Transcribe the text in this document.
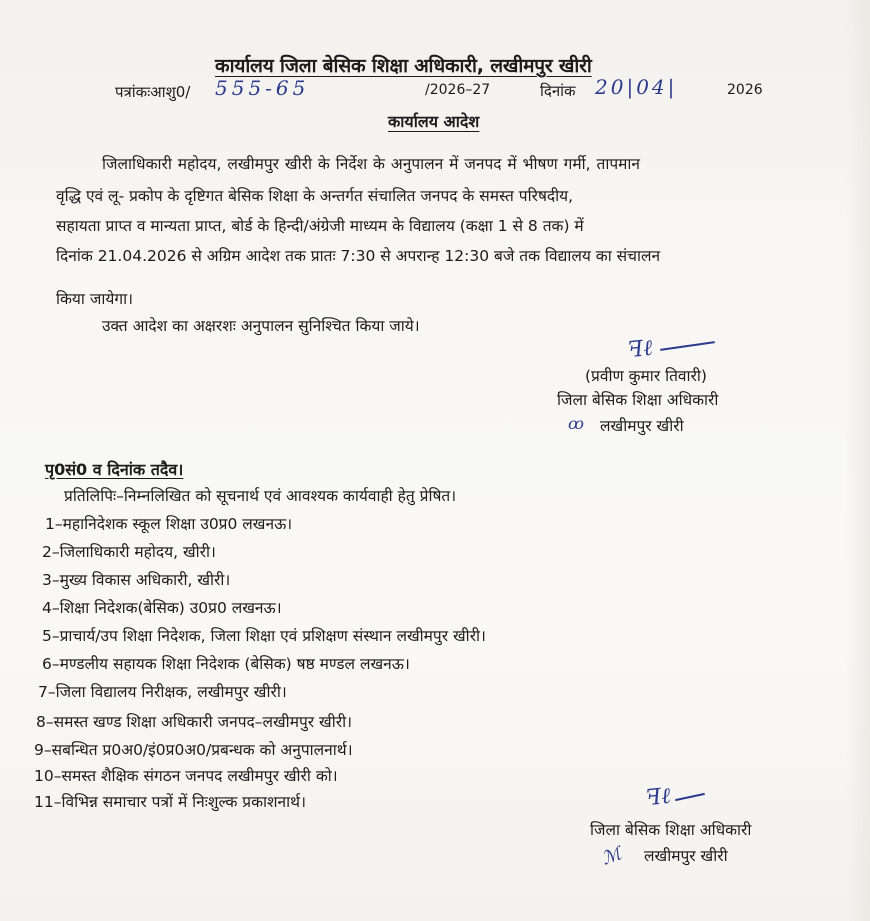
कार्यालय जिला बेसिक शिक्षा अधिकारी, लखीमपुर खीरी
पत्रांकःआशु0/ 555-65	/2026–27	दिनांक 20|04|	2026
कार्यालय आदेश
जिलाधिकारी महोदय, लखीमपुर खीरी के निर्देश के अनुपालन में जनपद में भीषण गर्मी, तापमान
वृद्धि एवं लू- प्रकोप के दृष्टिगत बेसिक शिक्षा के अन्तर्गत संचालित जनपद के समस्त परिषदीय,
सहायता प्राप्त व मान्यता प्राप्त, बोर्ड के हिन्दी/अंग्रेजी माध्यम के विद्यालय (कक्षा 1 से 8 तक) में
दिनांक 21.04.2026 से अग्रिम आदेश तक प्रातः 7:30 से अपरान्ह 12:30 बजे तक विद्यालय का संचालन
किया जायेगा।
उक्त आदेश का अक्षरशः अनुपालन सुनिश्चित किया जाये।
ꟻℓ
(प्रवीण कुमार तिवारी)
जिला बेसिक शिक्षा अधिकारी
ꝏ लखीमपुर खीरी
पृ0सं0 व दिनांक तदैव।
प्रतिलिपिः–निम्नलिखित को सूचनार्थ एवं आवश्यक कार्यवाही हेतु प्रेषित।
1–महानिदेशक स्कूल शिक्षा उ0प्र0 लखनऊ।
2–जिलाधिकारी महोदय, खीरी।
3–मुख्य विकास अधिकारी, खीरी।
4–शिक्षा निदेशक(बेसिक) उ0प्र0 लखनऊ।
5–प्राचार्य/उप शिक्षा निदेशक, जिला शिक्षा एवं प्रशिक्षण संस्थान लखीमपुर खीरी।
6–मण्डलीय सहायक शिक्षा निदेशक (बेसिक) षष्ठ मण्डल लखनऊ।
7–जिला विद्यालय निरीक्षक, लखीमपुर खीरी।
8–समस्त खण्ड शिक्षा अधिकारी जनपद–लखीमपुर खीरी।
9–सबन्धित प्र0अ0/इं0प्र0अ0/प्रबन्धक को अनुपालनार्थ।
10–समस्त शैक्षिक संगठन जनपद लखीमपुर खीरी को।
11–विभिन्न समाचार पत्रों में निःशुल्क प्रकाशनार्थ।	ꟻℓ
जिला बेसिक शिक्षा अधिकारी
ℳ लखीमपुर खीरी
